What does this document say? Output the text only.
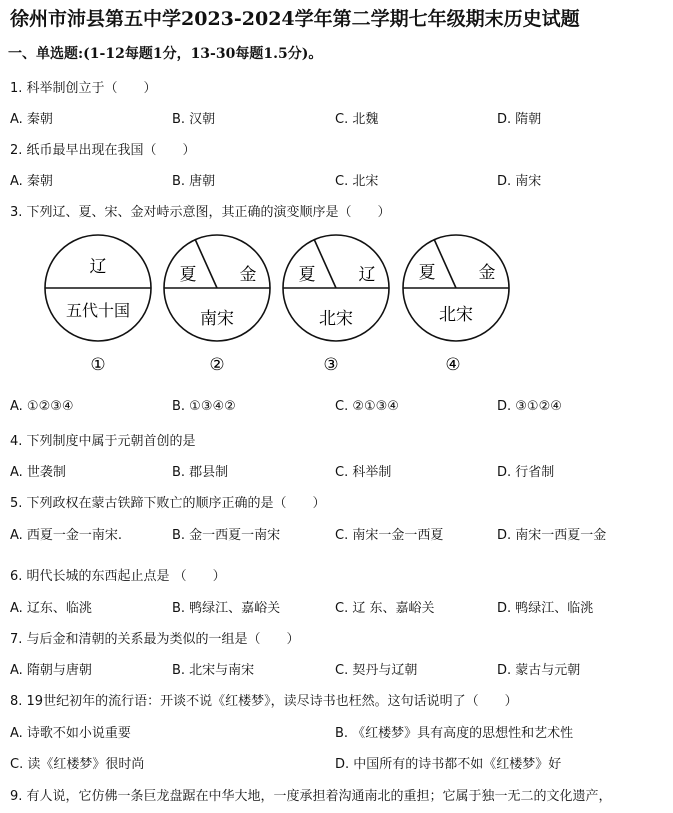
徐州市沛县第五中学2023-2024学年第二学期七年级期末历史试题
一、单选题:(1-12每题1分，13-30每题1.5分)。
1. 科举制创立于（　　）
A. 秦朝	B. 汉朝	C. 北魏	D. 隋朝
2. 纸币最早出现在我国（　　）
A. 秦朝	B. 唐朝	C. 北宋	D. 南宋
3. 下列辽、夏、宋、金对峙示意图，其正确的演变顺序是（　　）
辽
五代十国
①
夏	金
南宋
②
夏	辽
北宋
③
夏	金
北宋
④
A. ①②③④	B. ①③④②	C. ②①③④	D. ③①②④
4. 下列制度中属于元朝首创的是
A. 世袭制	B. 郡县制	C. 科举制	D. 行省制
5. 下列政权在蒙古铁蹄下败亡的顺序正确的是（　　）
A. 西夏一金一南宋.	B. 金一西夏一南宋	C. 南宋一金一西夏	D. 南宋一西夏一金
6. 明代长城的东西起止点是 （　　）
A. 辽东、临洮	B. 鸭绿江、嘉峪关	C. 辽 东、嘉峪关	D. 鸭绿江、临洮
7. 与后金和清朝的关系最为类似的一组是（　　）
A. 隋朝与唐朝	B. 北宋与南宋	C. 契丹与辽朝	D. 蒙古与元朝
8. 19世纪初年的流行语：开谈不说《红楼梦》，读尽诗书也枉然。这句话说明了（　　）
A. 诗歌不如小说重要	B. 《红楼梦》具有高度的思想性和艺术性
C. 读《红楼梦》很时尚	D. 中国所有的诗书都不如《红楼梦》好
9. 有人说，它仿佛一条巨龙盘踞在中华大地，一度承担着沟通南北的重担；它属于独一无二的文化遗产，
